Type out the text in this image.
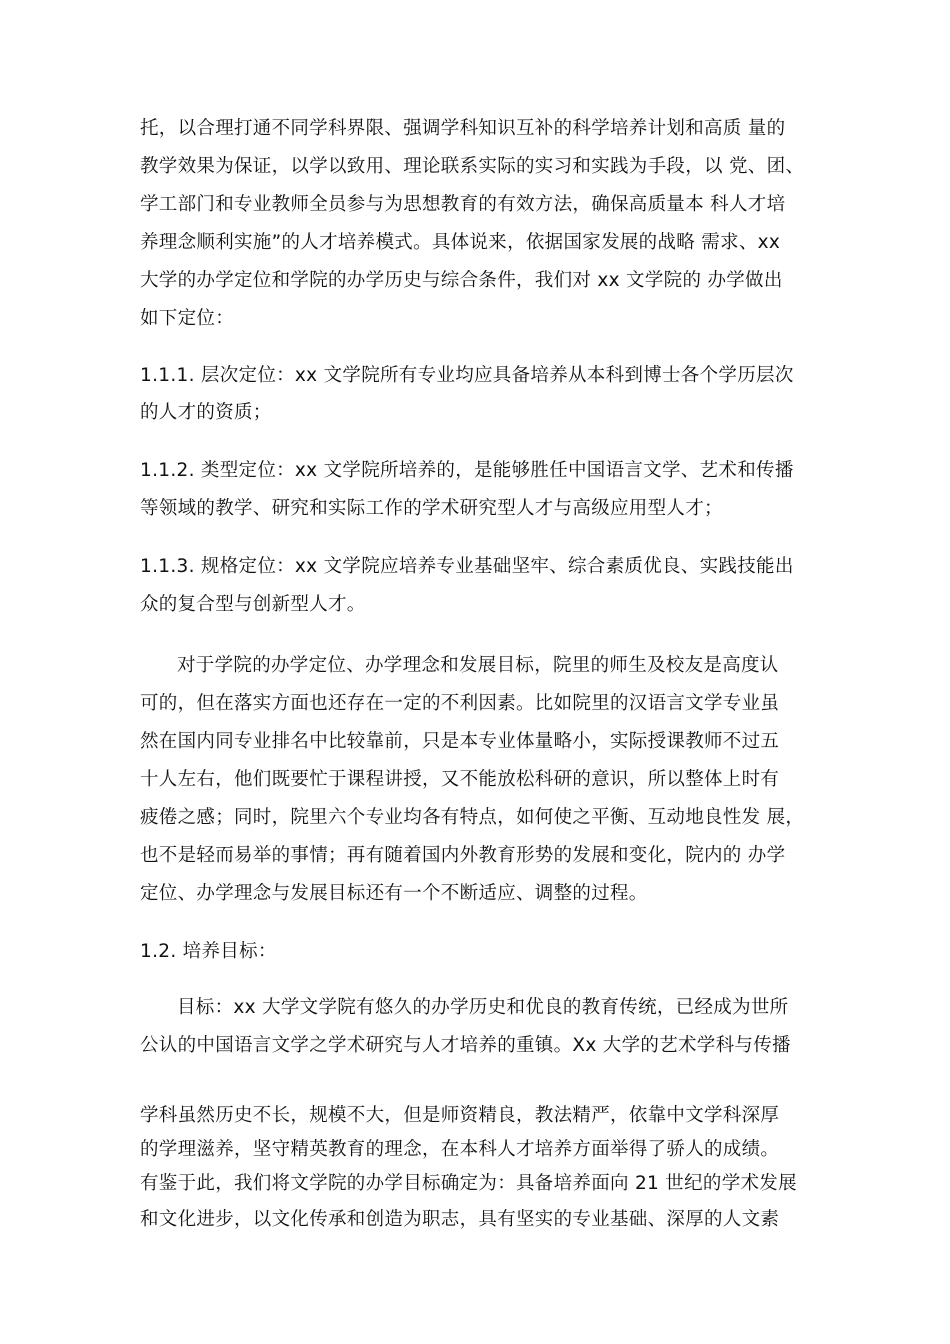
托，以合理打通不同学科界限、强调学科知识互补的科学培养计划和高质 量的
教学效果为保证，以学以致用、理论联系实际的实习和实践为手段，以 党、团、
学工部门和专业教师全员参与为思想教育的有效方法，确保高质量本 科人才培
养理念顺利实施”的人才培养模式。具体说来，依据国家发展的战略 需求、xx
大学的办学定位和学院的办学历史与综合条件，我们对 xx 文学院的 办学做出
如下定位：
1.1.1. 层次定位：xx 文学院所有专业均应具备培养从本科到博士各个学历层次
的人才的资质；
1.1.2. 类型定位：xx 文学院所培养的，是能够胜任中国语言文学、艺术和传播
等领域的教学、研究和实际工作的学术研究型人才与高级应用型人才；
1.1.3. 规格定位：xx 文学院应培养专业基础坚牢、综合素质优良、实践技能出
众的复合型与创新型人才。
对于学院的办学定位、办学理念和发展目标，院里的师生及校友是高度认
可的，但在落实方面也还存在一定的不利因素。比如院里的汉语言文学专业虽
然在国内同专业排名中比较靠前，只是本专业体量略小，实际授课教师不过五
十人左右，他们既要忙于课程讲授，又不能放松科研的意识，所以整体上时有
疲倦之感；同时，院里六个专业均各有特点，如何使之平衡、互动地良性发 展，
也不是轻而易举的事情；再有随着国内外教育形势的发展和变化，院内的 办学
定位、办学理念与发展目标还有一个不断适应、调整的过程。
1.2. 培养目标：
目标：xx 大学文学院有悠久的办学历史和优良的教育传统，已经成为世所
公认的中国语言文学之学术研究与人才培养的重镇。Xx 大学的艺术学科与传播
学科虽然历史不长，规模不大，但是师资精良，教法精严，依靠中文学科深厚
的学理滋养，坚守精英教育的理念，在本科人才培养方面举得了骄人的成绩。
有鉴于此，我们将文学院的办学目标确定为：具备培养面向 21 世纪的学术发展
和文化进步，以文化传承和创造为职志，具有坚实的专业基础、深厚的人文素
